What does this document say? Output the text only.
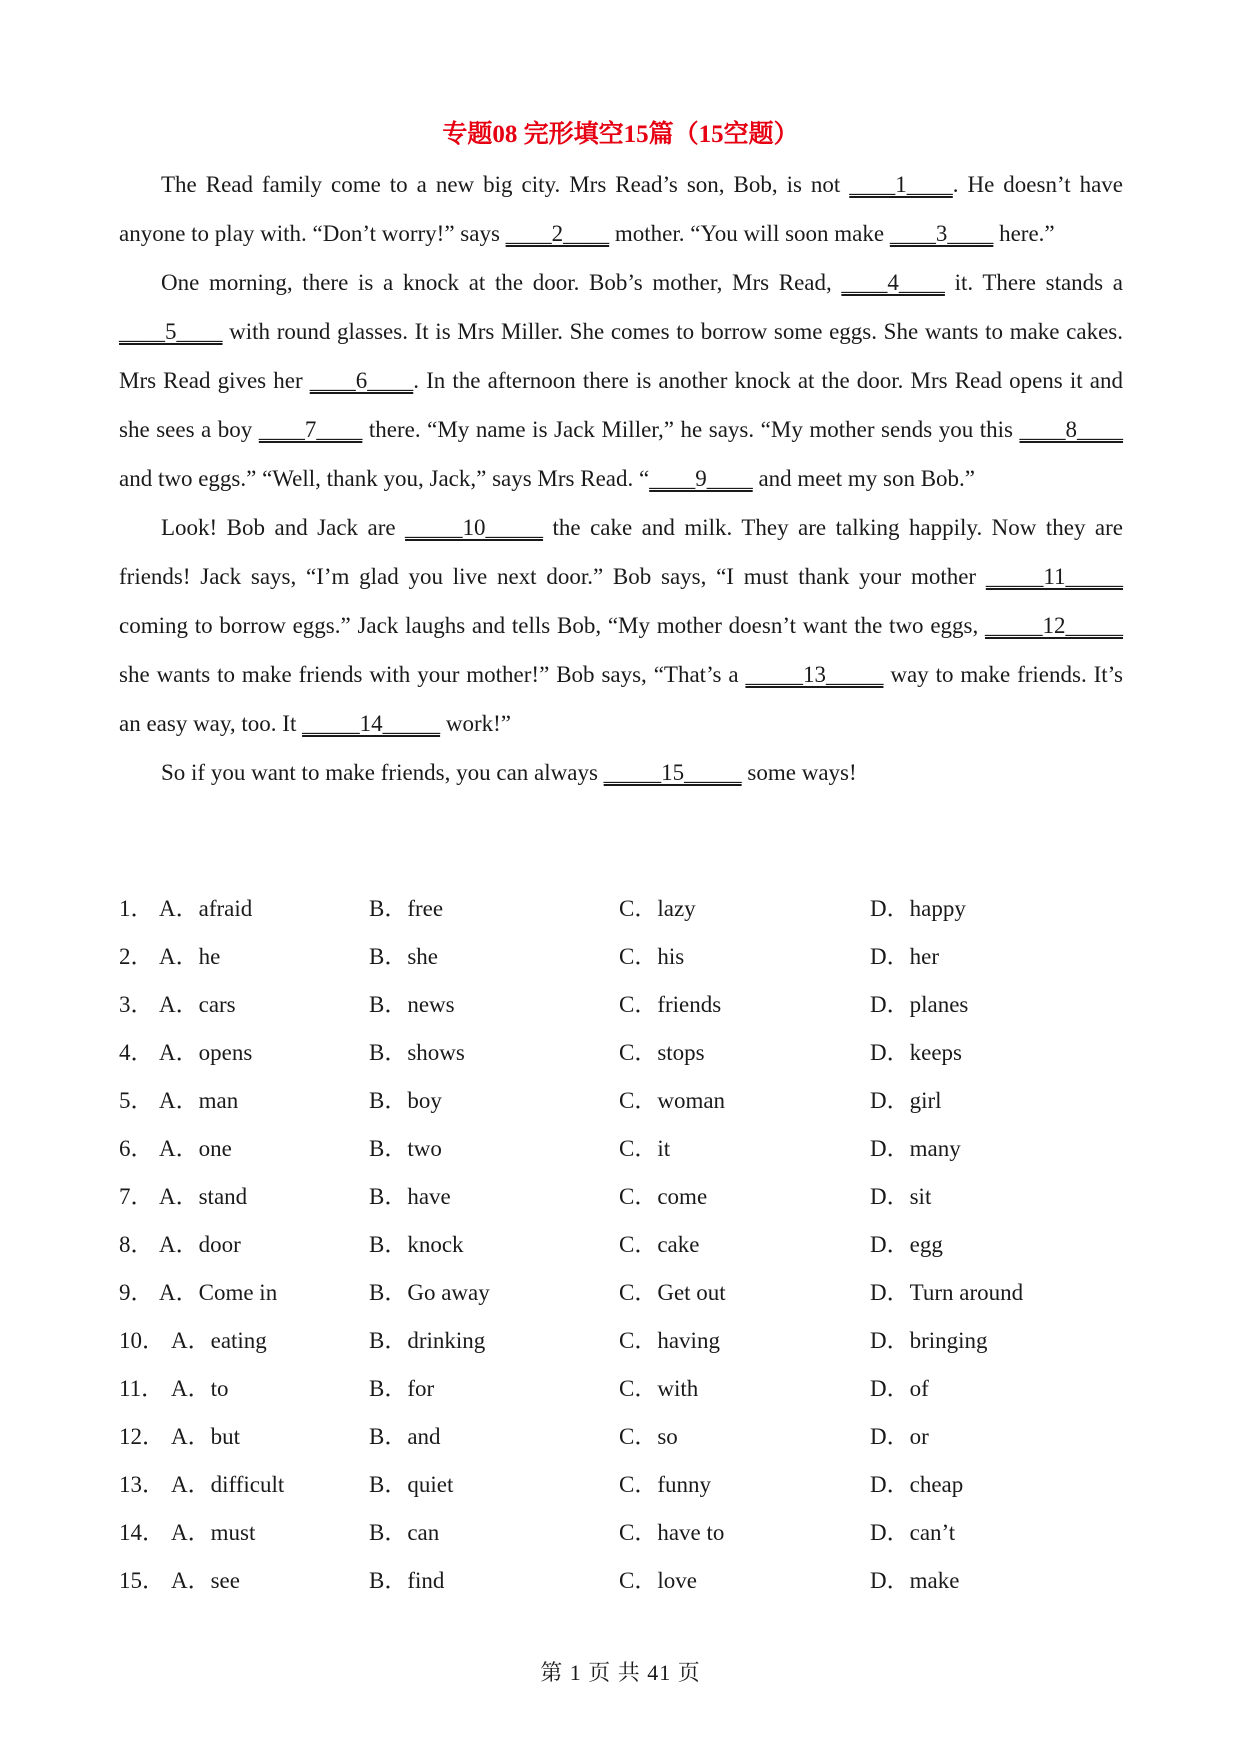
专题08 完形填空15篇（15空题）

The Read family come to a new big city. Mrs Read’s son, Bob, is not ____1____. He doesn’t have anyone to play with. “Don’t worry!” says ____2____ mother. “You will soon make ____3____ here.”

One morning, there is a knock at the door. Bob’s mother, Mrs Read, ____4____ it. There stands a ____5____ with round glasses. It is Mrs Miller. She comes to borrow some eggs. She wants to make cakes. Mrs Read gives her ____6____. In the afternoon there is another knock at the door. Mrs Read opens it and she sees a boy ____7____ there. “My name is Jack Miller,” he says. “My mother sends you this ____8____ and two eggs.” “Well, thank you, Jack,” says Mrs Read. “____9____ and meet my son Bob.”

Look! Bob and Jack are _____10_____ the cake and milk. They are talking happily. Now they are friends! Jack says, “I’m glad you live next door.” Bob says, “I must thank your mother _____11_____ coming to borrow eggs.” Jack laughs and tells Bob, “My mother doesn’t want the two eggs, _____12_____ she wants to make friends with your mother!” Bob says, “That’s a _____13_____ way to make friends. It’s an easy way, too. It _____14_____ work!”

So if you want to make friends, you can always _____15_____ some ways!

1． A．afraid	B．free	C．lazy	D．happy
2． A．he	B．she	C．his	D．her
3． A．cars	B．news	C．friends	D．planes
4． A．opens	B．shows	C．stops	D．keeps
5． A．man	B．boy	C．woman	D．girl
6． A．one	B．two	C．it	D．many
7． A．stand	B．have	C．come	D．sit
8． A．door	B．knock	C．cake	D．egg
9． A．Come in	B．Go away	C．Get out	D．Turn around
10． A．eating	B．drinking	C．having	D．bringing
11． A．to	B．for	C．with	D．of
12． A．but	B．and	C．so	D．or
13． A．difficult	B．quiet	C．funny	D．cheap
14． A．must	B．can	C．have to	D．can’t
15． A．see	B．find	C．love	D．make
第 1 页 共 41 页
